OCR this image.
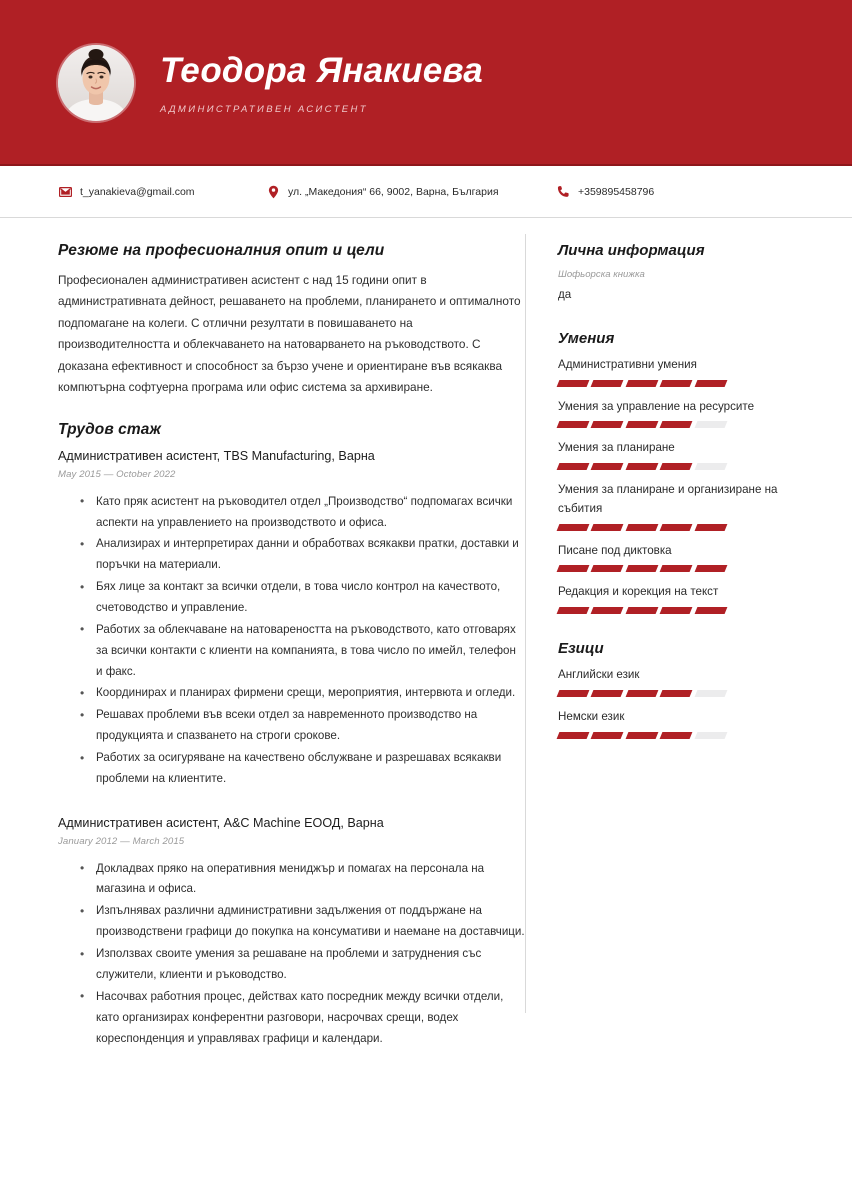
Теодора Янакиева
АДМИНИСТРАТИВЕН АСИСТЕНТ
t_yanakieva@gmail.com	ул. „Македония“ 66, 9002, Варна, България	+359895458796
Резюме на професионалния опит и цели

Професионален административен асистент с над 15 години опит в административната дейност, решаването на проблеми, планирането и оптималното подпомагане на колеги. С отлични резултати в повишаването на производителността и облекчаването на натоварването на ръководството. С доказана ефективност и способност за бързо учене и ориентиране във всякаква компютърна софтуерна програма или офис система за архивиране.

Трудов стаж
Административен асистент, TBS Manufacturing, Варна
May 2015 — October 2022
• Като пряк асистент на ръководител отдел „Производство“ подпомагах всички аспекти на управлението на производството и офиса.
• Анализирах и интерпретирах данни и обработвах всякакви пратки, доставки и поръчки на материали.
• Бях лице за контакт за всички отдели, в това число контрол на качеството, счетоводство и управление.
• Работих за облекчаване на натовареността на ръководството, като отговарях за всички контакти с клиенти на компанията, в това число по имейл, телефон и факс.
• Координирах и планирах фирмени срещи, мероприятия, интервюта и огледи.
• Решавах проблеми във всеки отдел за навременното производство на продукцията и спазването на строги срокове.
• Работих за осигуряване на качествено обслужване и разрешавах всякакви проблеми на клиентите.
Административен асистент, A&C Machine ЕООД, Варна
January 2012 — March 2015
• Докладвах пряко на оперативния мениджър и помагах на персонала на магазина и офиса.
• Изпълнявах различни административни задължения от поддържане на производствени графици до покупка на консумативи и наемане на доставчици.
• Използвах своите умения за решаване на проблеми и затруднения със служители, клиенти и ръководство.
• Насочвах работния процес, действах като посредник между всички отдели, като организирах конферентни разговори, насрочвах срещи, водех кореспонденция и управлявах графици и календари.
Лична информация
Шофьорска книжка
да
Умения
Административни умения
Умения за управление на ресурсите
Умения за планиране
Умения за планиране и организиране на събития
Писане под диктовка
Редакция и корекция на текст
Езици
Английски език
Немски език
